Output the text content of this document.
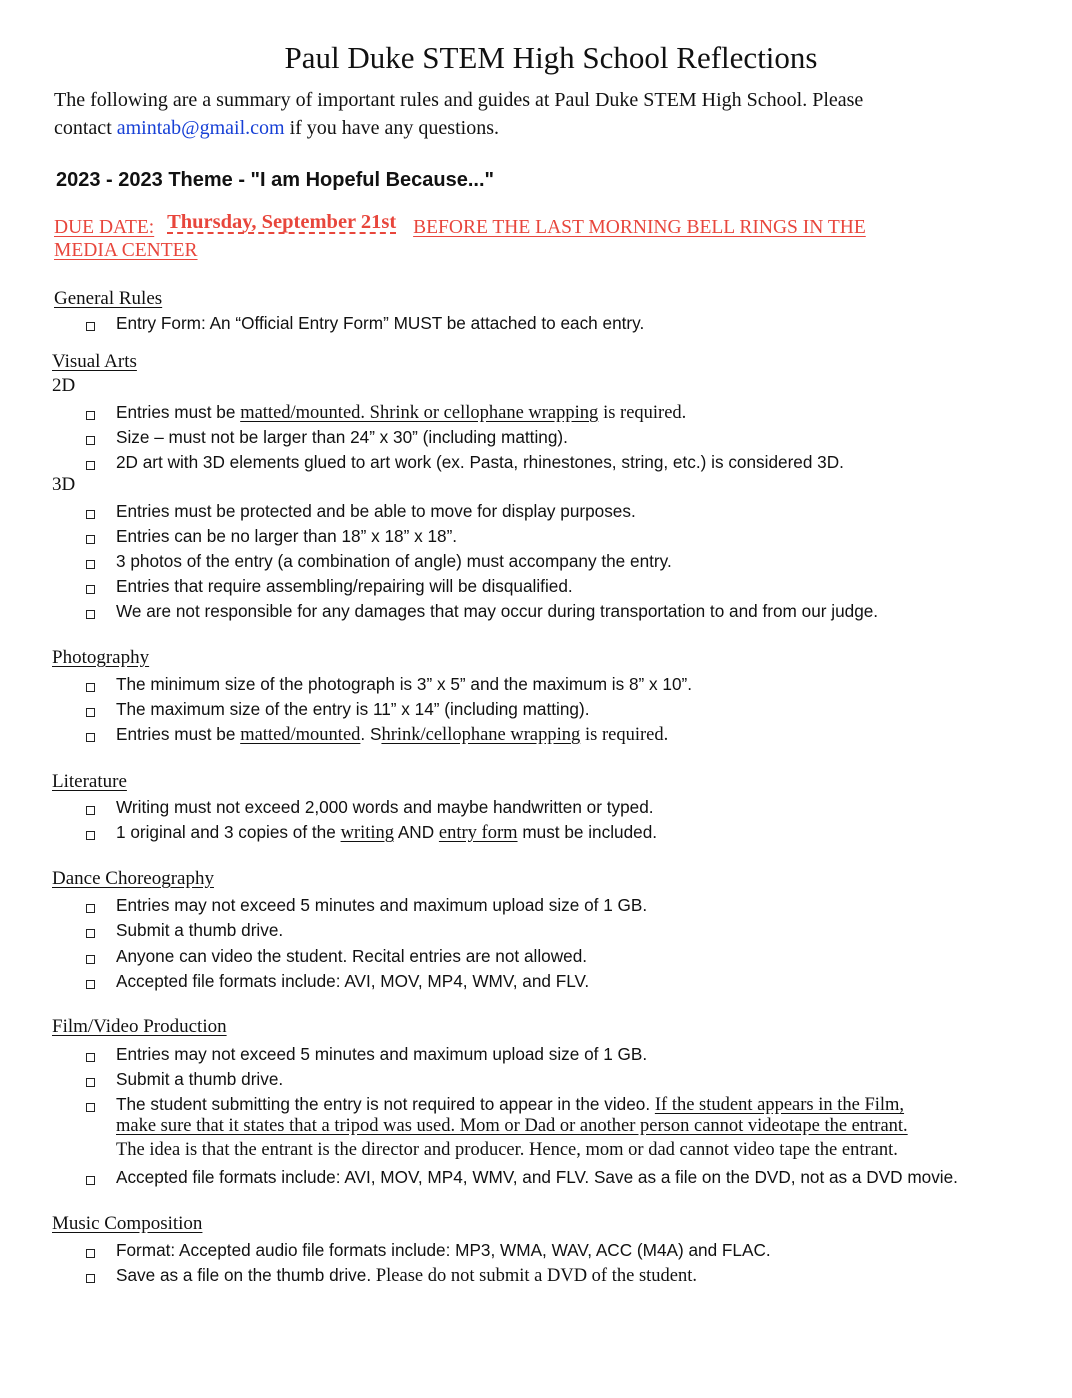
Paul Duke STEM High School Reflections
The following are a summary of important rules and guides at Paul Duke STEM High School. Please
contact amintab@gmail.com if you have any questions.
2023 - 2023 Theme - "I am Hopeful Because..."
DUE DATE: Thursday, September 21st BEFORE THE LAST MORNING BELL RINGS IN THE
MEDIA CENTER
General Rules
Entry Form: An “Official Entry Form” MUST be attached to each entry.
Visual Arts
2D
Entries must be matted/mounted. Shrink or cellophane wrapping is required.
Size – must not be larger than 24” x 30” (including matting).
2D art with 3D elements glued to art work (ex. Pasta, rhinestones, string, etc.) is considered 3D.
3D
Entries must be protected and be able to move for display purposes.
Entries can be no larger than 18” x 18” x 18”.
3 photos of the entry (a combination of angle) must accompany the entry.
Entries that require assembling/repairing will be disqualified.
We are not responsible for any damages that may occur during transportation to and from our judge.
Photography
The minimum size of the photograph is 3” x 5” and the maximum is 8” x 10”.
The maximum size of the entry is 11” x 14” (including matting).
Entries must be matted/mounted. Shrink/cellophane wrapping is required.
Literature
Writing must not exceed 2,000 words and maybe handwritten or typed.
1 original and 3 copies of the writing AND entry form must be included.
Dance Choreography
Entries may not exceed 5 minutes and maximum upload size of 1 GB.
Submit a thumb drive.
Anyone can video the student. Recital entries are not allowed.
Accepted file formats include: AVI, MOV, MP4, WMV, and FLV.
Film/Video Production
Entries may not exceed 5 minutes and maximum upload size of 1 GB.
Submit a thumb drive.
The student submitting the entry is not required to appear in the video. If the student appears in the Film,
make sure that it states that a tripod was used. Mom or Dad or another person cannot videotape the entrant.
The idea is that the entrant is the director and producer. Hence, mom or dad cannot video tape the entrant.
Accepted file formats include: AVI, MOV, MP4, WMV, and FLV. Save as a file on the DVD, not as a DVD movie.
Music Composition
Format: Accepted audio file formats include: MP3, WMA, WAV, ACC (M4A) and FLAC.
Save as a file on the thumb drive. Please do not submit a DVD of the student.
